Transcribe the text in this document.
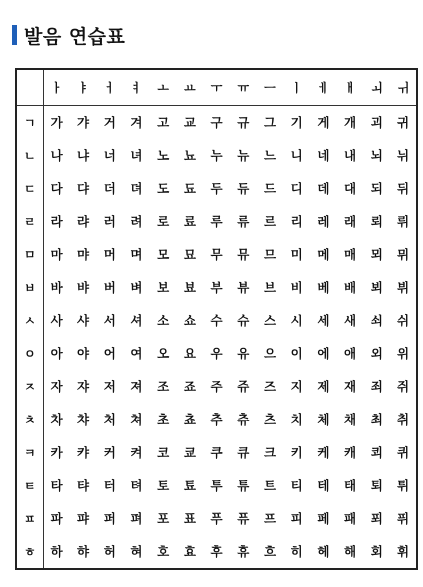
발음 연습표
	ㅏ	ㅑ	ㅓ	ㅕ	ㅗ	ㅛ	ㅜ	ㅠ	ㅡ	ㅣ	ㅔ	ㅐ	ㅚ	ㅟ
ㄱ	가	갸	거	겨	고	교	구	규	그	기	게	개	괴	귀
ㄴ	나	냐	너	녀	노	뇨	누	뉴	느	니	네	내	뇌	뉘
ㄷ	다	댜	더	뎌	도	됴	두	듀	드	디	데	대	되	뒤
ㄹ	라	랴	러	려	로	료	루	류	르	리	레	래	뢰	뤼
ㅁ	마	먀	머	며	모	묘	무	뮤	므	미	메	매	뫼	뮈
ㅂ	바	뱌	버	벼	보	뵤	부	뷰	브	비	베	배	뵈	뷔
ㅅ	사	샤	서	셔	소	쇼	수	슈	스	시	세	새	쇠	쉬
ㅇ	아	야	어	여	오	요	우	유	으	이	에	애	외	위
ㅈ	자	쟈	저	져	조	죠	주	쥬	즈	지	제	재	죄	쥐
ㅊ	차	챠	처	쳐	초	쵸	추	츄	츠	치	체	채	최	취
ㅋ	카	캬	커	켜	코	쿄	쿠	큐	크	키	케	캐	쾨	퀴
ㅌ	타	탸	터	텨	토	툐	투	튜	트	티	테	태	퇴	튀
ㅍ	파	퍄	퍼	펴	포	표	푸	퓨	프	피	페	패	푀	퓌
ㅎ	하	햐	허	혀	호	효	후	휴	흐	히	헤	해	회	휘
